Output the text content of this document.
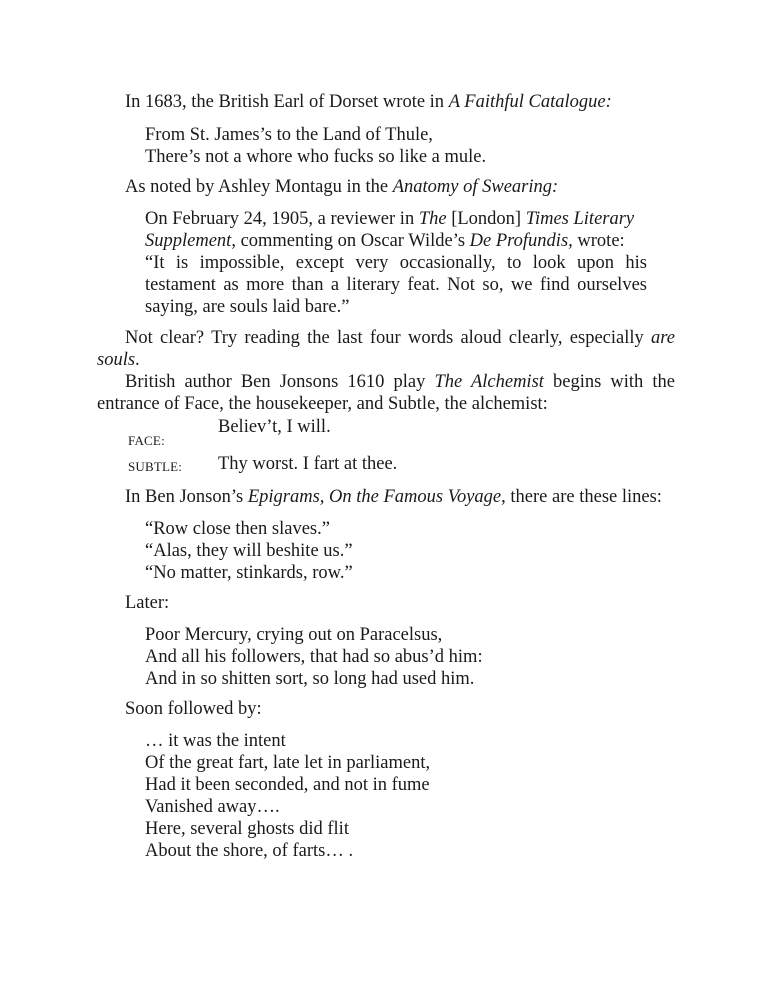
In 1683, the British Earl of Dorset wrote in A Faithful Catalogue:
From St. James’s to the Land of Thule,
There’s not a whore who fucks so like a mule.
As noted by Ashley Montagu in the Anatomy of Swearing:
On February 24, 1905, a reviewer in The [London] Times Literary
Supplement, commenting on Oscar Wilde’s De Profundis, wrote:
“It is impossible, except very occasionally, to look upon his
testament as more than a literary feat. Not so, we find ourselves
saying, are souls laid bare.”
Not clear? Try reading the last four words aloud clearly, especially are
souls.
British author Ben Jonsons 1610 play The Alchemist begins with the
entrance of Face, the housekeeper, and Subtle, the alchemist:
FACE:
Believ’t, I will.
SUBTLE: Thy worst. I fart at thee.
In Ben Jonson’s Epigrams, On the Famous Voyage, there are these lines:
“Row close then slaves.”
“Alas, they will beshite us.”
“No matter, stinkards, row.”
Later:
Poor Mercury, crying out on Paracelsus,
And all his followers, that had so abus’d him:
And in so shitten sort, so long had used him.
Soon followed by:
… it was the intent
Of the great fart, late let in parliament,
Had it been seconded, and not in fume
Vanished away….
Here, several ghosts did flit
About the shore, of farts… .
